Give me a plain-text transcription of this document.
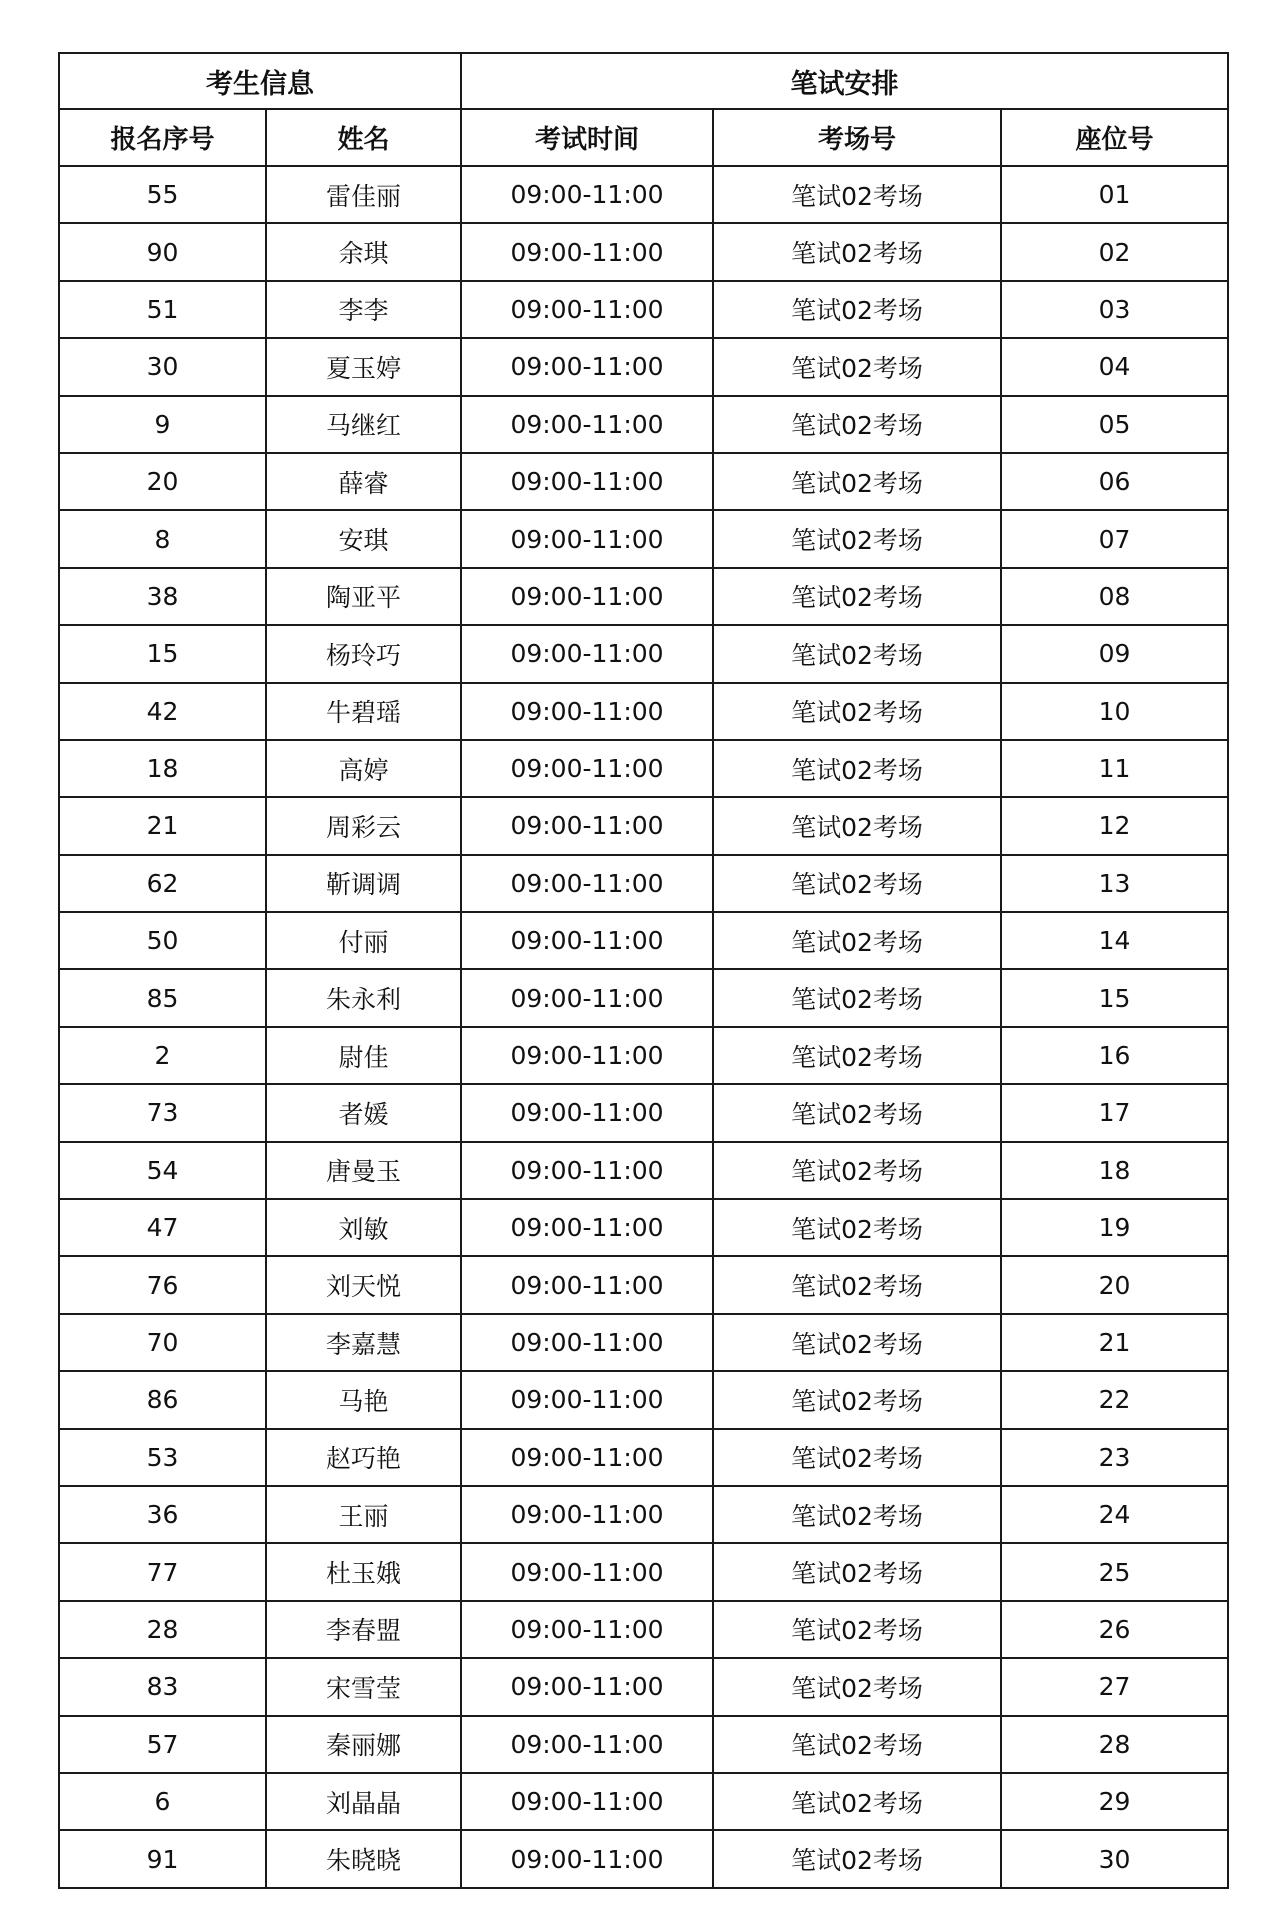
考生信息		笔试安排		
报名序号	姓名	考试时间	考场号	座位号
55	雷佳丽	09:00-11:00	笔试02考场	01
90	余琪	09:00-11:00	笔试02考场	02
51	李李	09:00-11:00	笔试02考场	03
30	夏玉婷	09:00-11:00	笔试02考场	04
9	马继红	09:00-11:00	笔试02考场	05
20	薛睿	09:00-11:00	笔试02考场	06
8	安琪	09:00-11:00	笔试02考场	07
38	陶亚平	09:00-11:00	笔试02考场	08
15	杨玲巧	09:00-11:00	笔试02考场	09
42	牛碧瑶	09:00-11:00	笔试02考场	10
18	高婷	09:00-11:00	笔试02考场	11
21	周彩云	09:00-11:00	笔试02考场	12
62	靳调调	09:00-11:00	笔试02考场	13
50	付丽	09:00-11:00	笔试02考场	14
85	朱永利	09:00-11:00	笔试02考场	15
2	尉佳	09:00-11:00	笔试02考场	16
73	者媛	09:00-11:00	笔试02考场	17
54	唐曼玉	09:00-11:00	笔试02考场	18
47	刘敏	09:00-11:00	笔试02考场	19
76	刘天悦	09:00-11:00	笔试02考场	20
70	李嘉慧	09:00-11:00	笔试02考场	21
86	马艳	09:00-11:00	笔试02考场	22
53	赵巧艳	09:00-11:00	笔试02考场	23
36	王丽	09:00-11:00	笔试02考场	24
77	杜玉娥	09:00-11:00	笔试02考场	25
28	李春盟	09:00-11:00	笔试02考场	26
83	宋雪莹	09:00-11:00	笔试02考场	27
57	秦丽娜	09:00-11:00	笔试02考场	28
6	刘晶晶	09:00-11:00	笔试02考场	29
91	朱晓晓	09:00-11:00	笔试02考场	30
